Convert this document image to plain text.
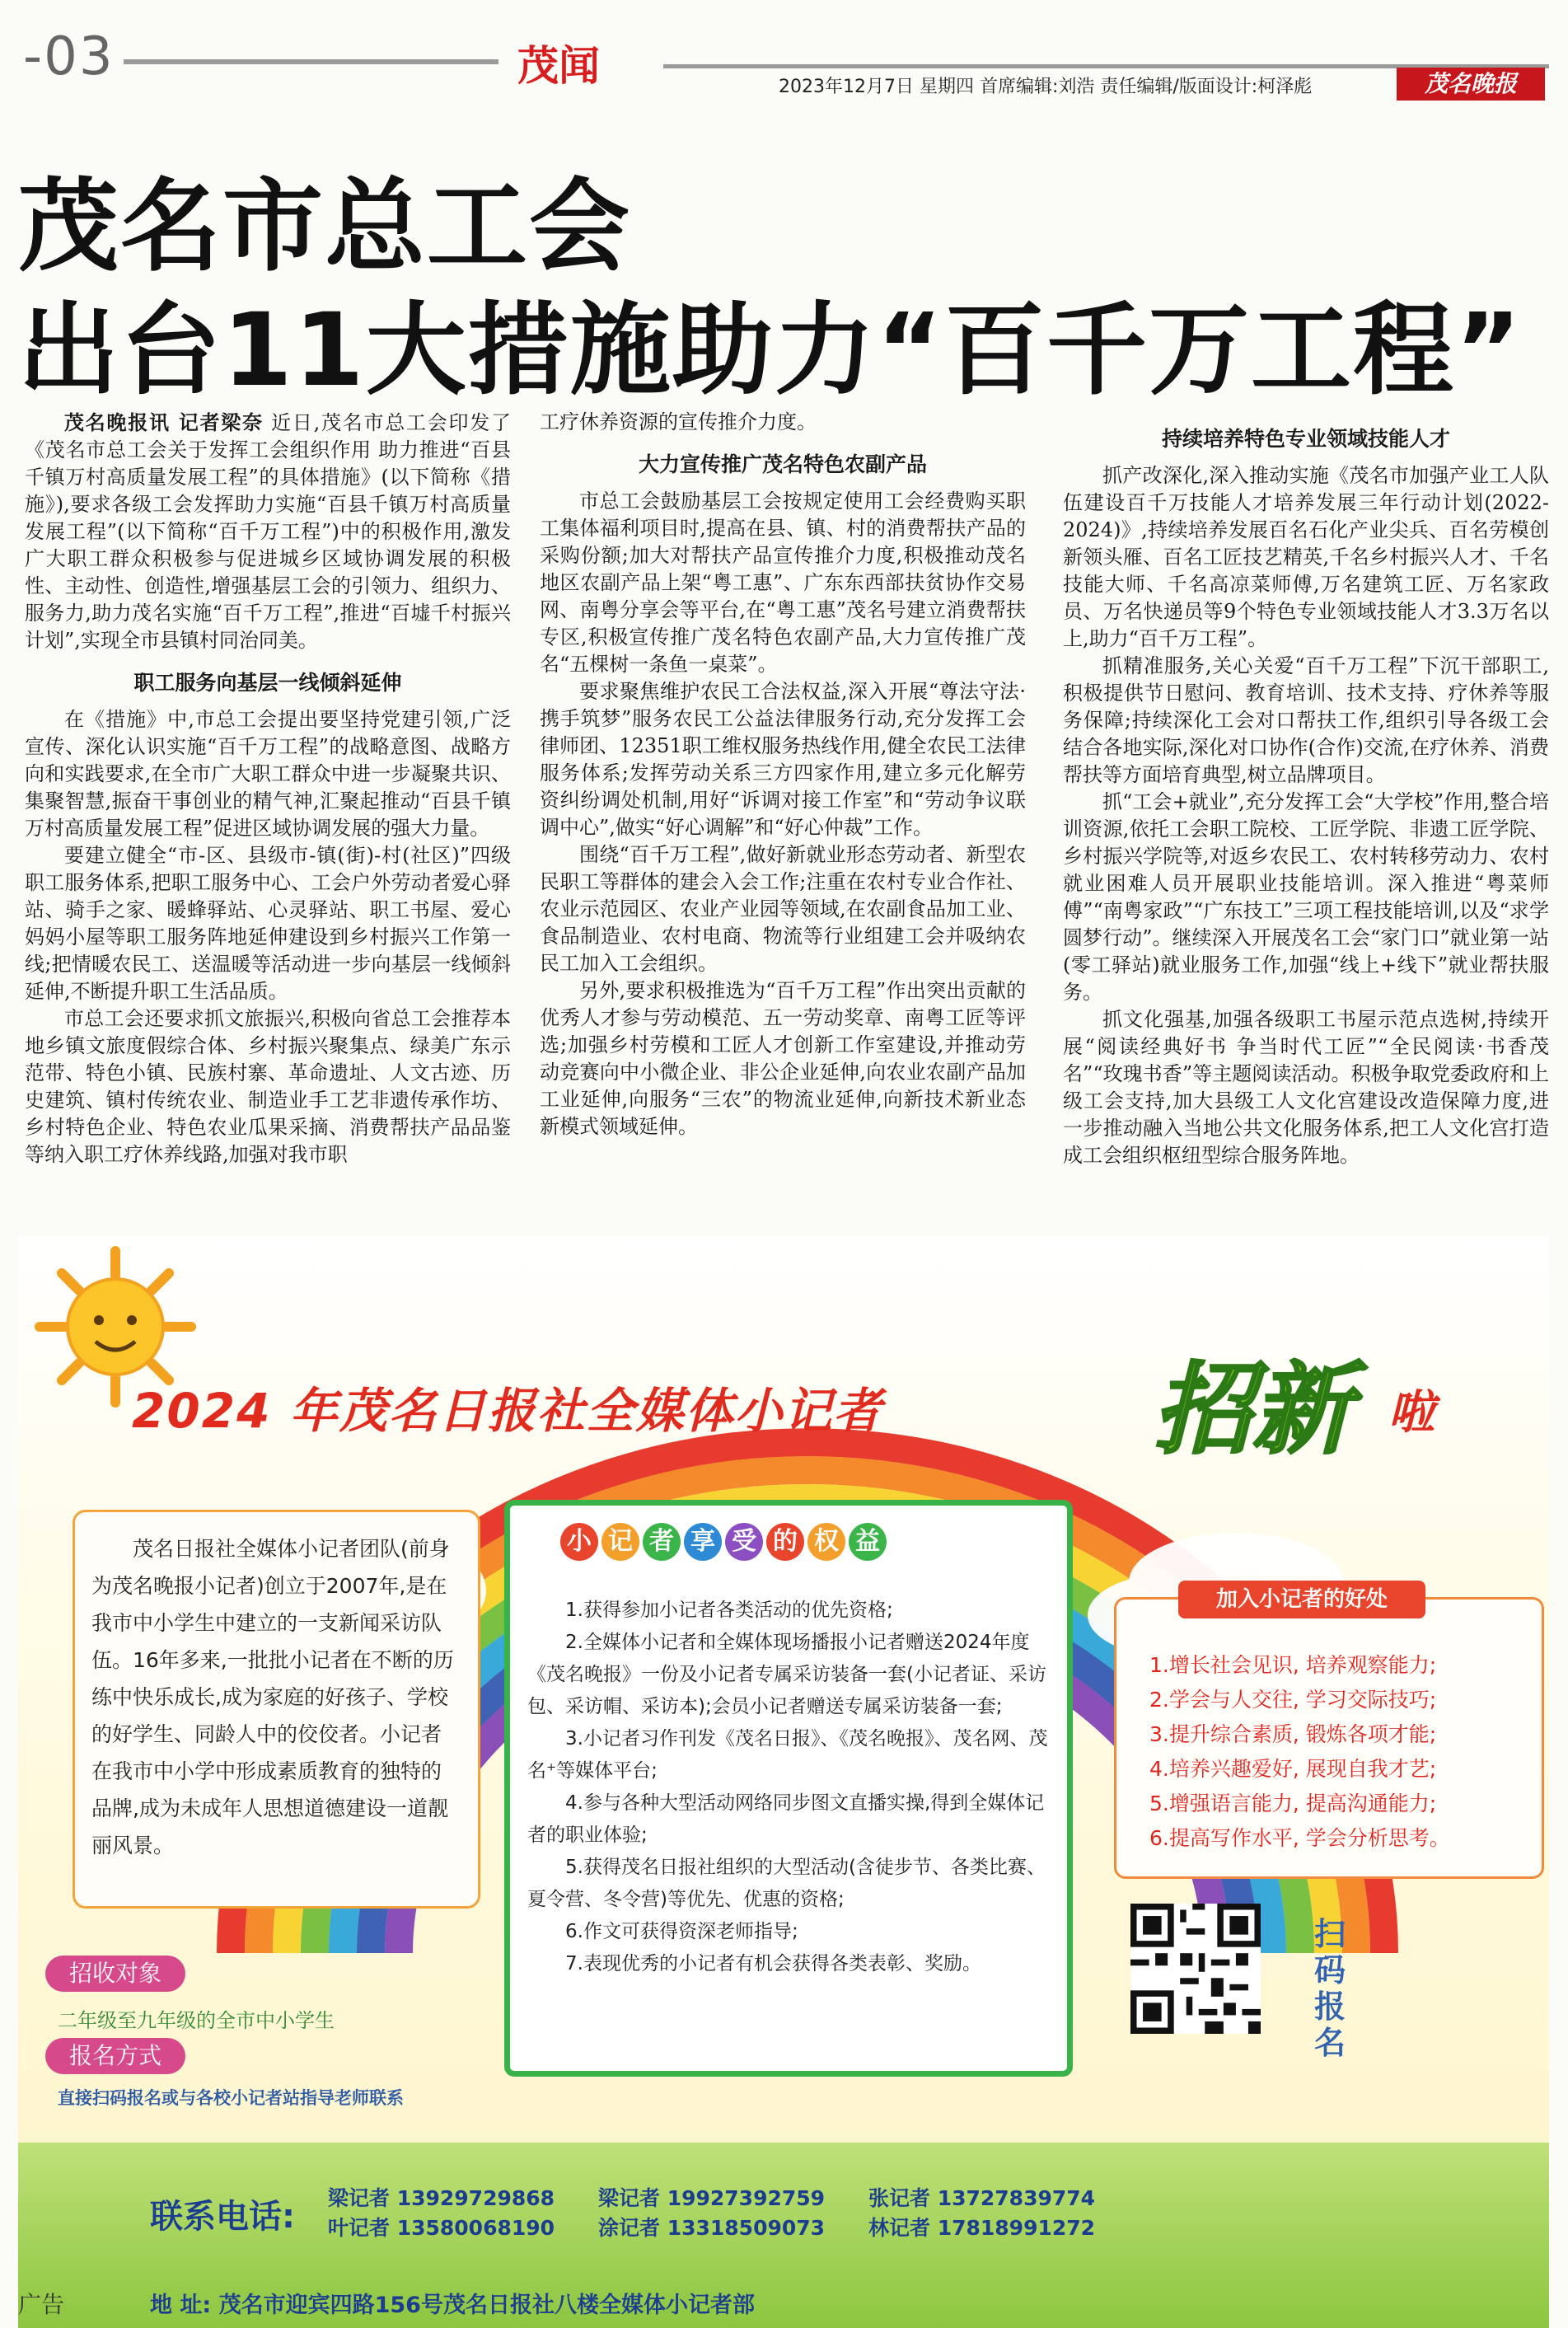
-03	茂闻	2023年12月7日 星期四 首席编辑:刘浩 责任编辑/版面设计:柯泽彪	茂名晚报
茂名市总工会
出台11大措施助力“百千万工程”

茂名晚报讯 记者梁奈 近日,茂名市总工会印发了《茂名市总工会关于发挥工会组织作用 助力推进“百县千镇万村高质量发展工程”的具体措施》(以下简称《措施》),要求各级工会发挥助力实施“百县千镇万村高质量发展工程”(以下简称“百千万工程”)中的积极作用,激发广大职工群众积极参与促进城乡区域协调发展的积极性、主动性、创造性,增强基层工会的引领力、组织力、服务力,助力茂名实施“百千万工程”,推进“百墟千村振兴计划”,实现全市县镇村同治同美。

职工服务向基层一线倾斜延伸

在《措施》中,市总工会提出要坚持党建引领,广泛宣传、深化认识实施“百千万工程”的战略意图、战略方向和实践要求,在全市广大职工群众中进一步凝聚共识、集聚智慧,振奋干事创业的精气神,汇聚起推动“百县千镇万村高质量发展工程”促进区域协调发展的强大力量。

要建立健全“市-区、县级市-镇(街)-村(社区)”四级职工服务体系,把职工服务中心、工会户外劳动者爱心驿站、骑手之家、暖蜂驿站、心灵驿站、职工书屋、爱心妈妈小屋等职工服务阵地延伸建设到乡村振兴工作第一线;把情暖农民工、送温暖等活动进一步向基层一线倾斜延伸,不断提升职工生活品质。

市总工会还要求抓文旅振兴,积极向省总工会推荐本地乡镇文旅度假综合体、乡村振兴聚集点、绿美广东示范带、特色小镇、民族村寨、革命遗址、人文古迹、历史建筑、镇村传统农业、制造业手工艺非遗传承作坊、乡村特色企业、特色农业瓜果采摘、消费帮扶产品品鉴等纳入职工疗休养线路,加强对我市职

工疗休养资源的宣传推介力度。

大力宣传推广茂名特色农副产品

市总工会鼓励基层工会按规定使用工会经费购买职工集体福利项目时,提高在县、镇、村的消费帮扶产品的采购份额;加大对帮扶产品宣传推介力度,积极推动茂名地区农副产品上架“粤工惠”、广东东西部扶贫协作交易网、南粤分享会等平台,在“粤工惠”茂名号建立消费帮扶专区,积极宣传推广茂名特色农副产品,大力宣传推广茂名“五棵树一条鱼一桌菜”。

要求聚焦维护农民工合法权益,深入开展“尊法守法·携手筑梦”服务农民工公益法律服务行动,充分发挥工会律师团、12351职工维权服务热线作用,健全农民工法律服务体系;发挥劳动关系三方四家作用,建立多元化解劳资纠纷调处机制,用好“诉调对接工作室”和“劳动争议联调中心”,做实“好心调解”和“好心仲裁”工作。

围绕“百千万工程”,做好新就业形态劳动者、新型农民职工等群体的建会入会工作;注重在农村专业合作社、农业示范园区、农业产业园等领域,在农副食品加工业、食品制造业、农村电商、物流等行业组建工会并吸纳农民工加入工会组织。

另外,要求积极推选为“百千万工程”作出突出贡献的优秀人才参与劳动模范、五一劳动奖章、南粤工匠等评选;加强乡村劳模和工匠人才创新工作室建设,并推动劳动竞赛向中小微企业、非公企业延伸,向农业农副产品加工业延伸,向服务“三农”的物流业延伸,向新技术新业态新模式领域延伸。

持续培养特色专业领域技能人才

抓产改深化,深入推动实施《茂名市加强产业工人队伍建设百千万技能人才培养发展三年行动计划(2022-2024)》,持续培养发展百名石化产业尖兵、百名劳模创新领头雁、百名工匠技艺精英,千名乡村振兴人才、千名技能大师、千名高凉菜师傅,万名建筑工匠、万名家政员、万名快递员等9个特色专业领域技能人才3.3万名以上,助力“百千万工程”。

抓精准服务,关心关爱“百千万工程”下沉干部职工,积极提供节日慰问、教育培训、技术支持、疗休养等服务保障;持续深化工会对口帮扶工作,组织引导各级工会结合各地实际,深化对口协作(合作)交流,在疗休养、消费帮扶等方面培育典型,树立品牌项目。

抓“工会+就业”,充分发挥工会“大学校”作用,整合培训资源,依托工会职工院校、工匠学院、非遗工匠学院、乡村振兴学院等,对返乡农民工、农村转移劳动力、农村就业困难人员开展职业技能培训。深入推进“粤菜师傅”“南粤家政”“广东技工”三项工程技能培训,以及“求学圆梦行动”。继续深入开展茂名工会“家门口”就业第一站(零工驿站)就业服务工作,加强“线上+线下”就业帮扶服务。

抓文化强基,加强各级职工书屋示范点选树,持续开展“阅读经典好书 争当时代工匠”“全民阅读·书香茂名”“玫瑰书香”等主题阅读活动。积极争取党委政府和上级工会支持,加大县级工人文化宫建设改造保障力度,进一步推动融入当地公共文化服务体系,把工人文化宫打造成工会组织枢纽型综合服务阵地。

2024 年茂名日报社全媒体小记者	招新 啦

茂名日报社全媒体小记者团队(前身为茂名晚报小记者)创立于2007年,是在我市中小学生中建立的一支新闻采访队伍。16年多来,一批批小记者在不断的历练中快乐成长,成为家庭的好孩子、学校的好学生、同龄人中的佼佼者。小记者在我市中小学中形成素质教育的独特的品牌,成为未成年人思想道德建设一道靓丽风景。

小 记 者 享 受 的 权 益

1.获得参加小记者各类活动的优先资格;

2.全媒体小记者和全媒体现场播报小记者赠送2024年度《茂名晚报》一份及小记者专属采访装备一套(小记者证、采访包、采访帽、采访本);会员小记者赠送专属采访装备一套;

3.小记者习作刊发《茂名日报》、《茂名晚报》、茂名网、茂名⁺等媒体平台;

4.参与各种大型活动网络同步图文直播实操,得到全媒体记者的职业体验;

5.获得茂名日报社组织的大型活动(含徒步节、各类比赛、夏令营、冬令营)等优先、优惠的资格;

6.作文可获得资深老师指导;

7.表现优秀的小记者有机会获得各类表彰、奖励。

加入小记者的好处
1.增长社会见识, 培养观察能力;
2.学会与人交往, 学习交际技巧;
3.提升综合素质, 锻炼各项才能;
4.培养兴趣爱好, 展现自我才艺;
5.增强语言能力, 提高沟通能力;
6.提高写作水平, 学会分析思考。
扫码报名
招收对象
二年级至九年级的全市中小学生
报名方式
直接扫码报名或与各校小记者站指导老师联系
联系电话: 梁记者 13929729868 梁记者 19927392759 张记者 13727839774
叶记者 13580068190 涂记者 13318509073 林记者 17818991272
地 址: 茂名市迎宾四路156号茂名日报社八楼全媒体小记者部
广告
